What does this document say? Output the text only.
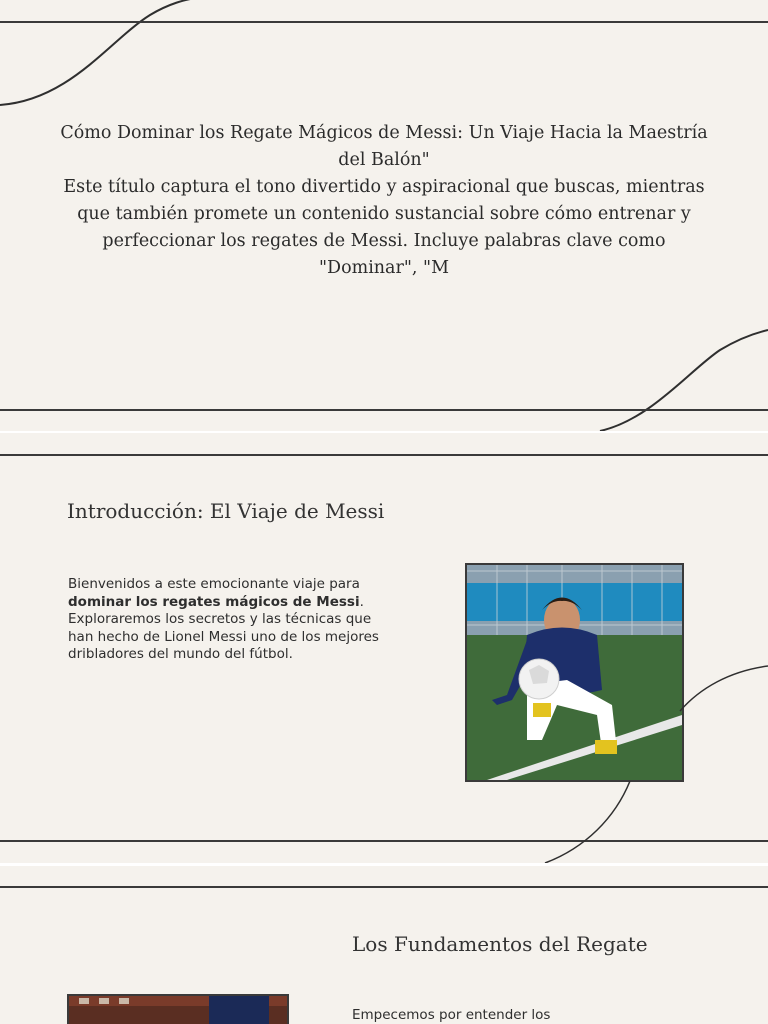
Cómo Dominar los Regate Mágicos de Messi: Un Viaje Hacia la Maestría del Balón"
Este título captura el tono divertido y aspiracional que buscas, mientras que también promete un contenido sustancial sobre cómo entrenar y perfeccionar los regates de Messi. Incluye palabras clave como "Dominar", "M
Introducción: El Viaje de Messi

Bienvenidos a este emocionante viaje para dominar los regates mágicos de Messi. Exploraremos los secretos y las técnicas que han hecho de Lionel Messi uno de los mejores dribladores del mundo del fútbol.

Los Fundamentos del Regate

Empecemos por entender los
